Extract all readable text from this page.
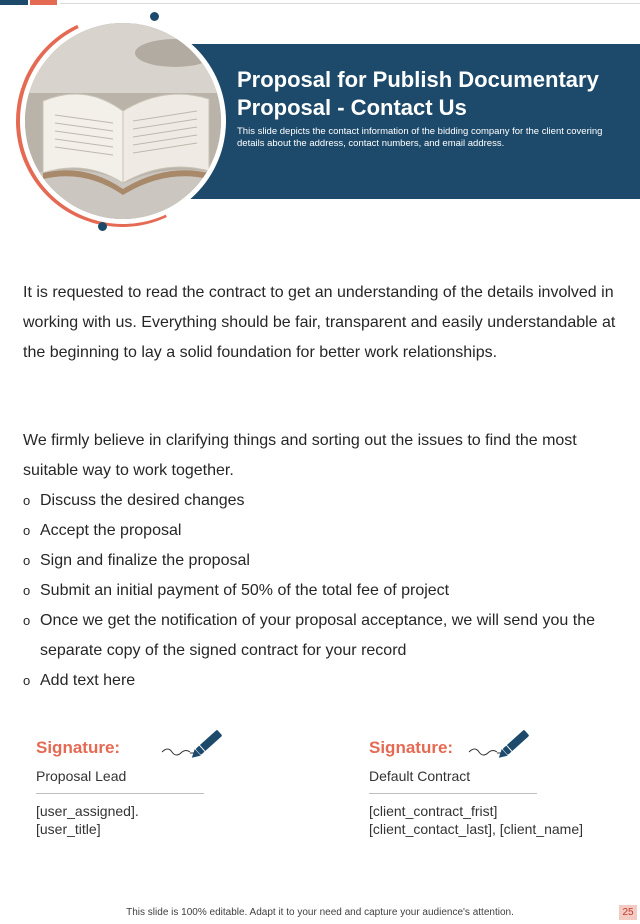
Proposal for Publish Documentary Proposal - Contact Us
This slide depicts the contact information of the bidding company for the client covering details about the address, contact numbers, and email address.

It is requested to read the contract to get an understanding of the details involved in working with us. Everything should be fair, transparent and easily understandable at the beginning to lay a solid foundation for better work relationships.

We firmly believe in clarifying things and sorting out the issues to find the most suitable way to work together.

o Discuss the desired changes
o Accept the proposal
o Sign and finalize the proposal
o Submit an initial payment of 50% of the total fee of project
o Once we get the notification of your proposal acceptance, we will send you the separate copy of the signed contract for your record
o Add text here
Signature:
Proposal Lead
[user_assigned].
[user_title]
Signature:
Default Contract
[client_contract_frist]
[client_contact_last], [client_name]
This slide is 100% editable. Adapt it to your need and capture your audience's attention.	25
